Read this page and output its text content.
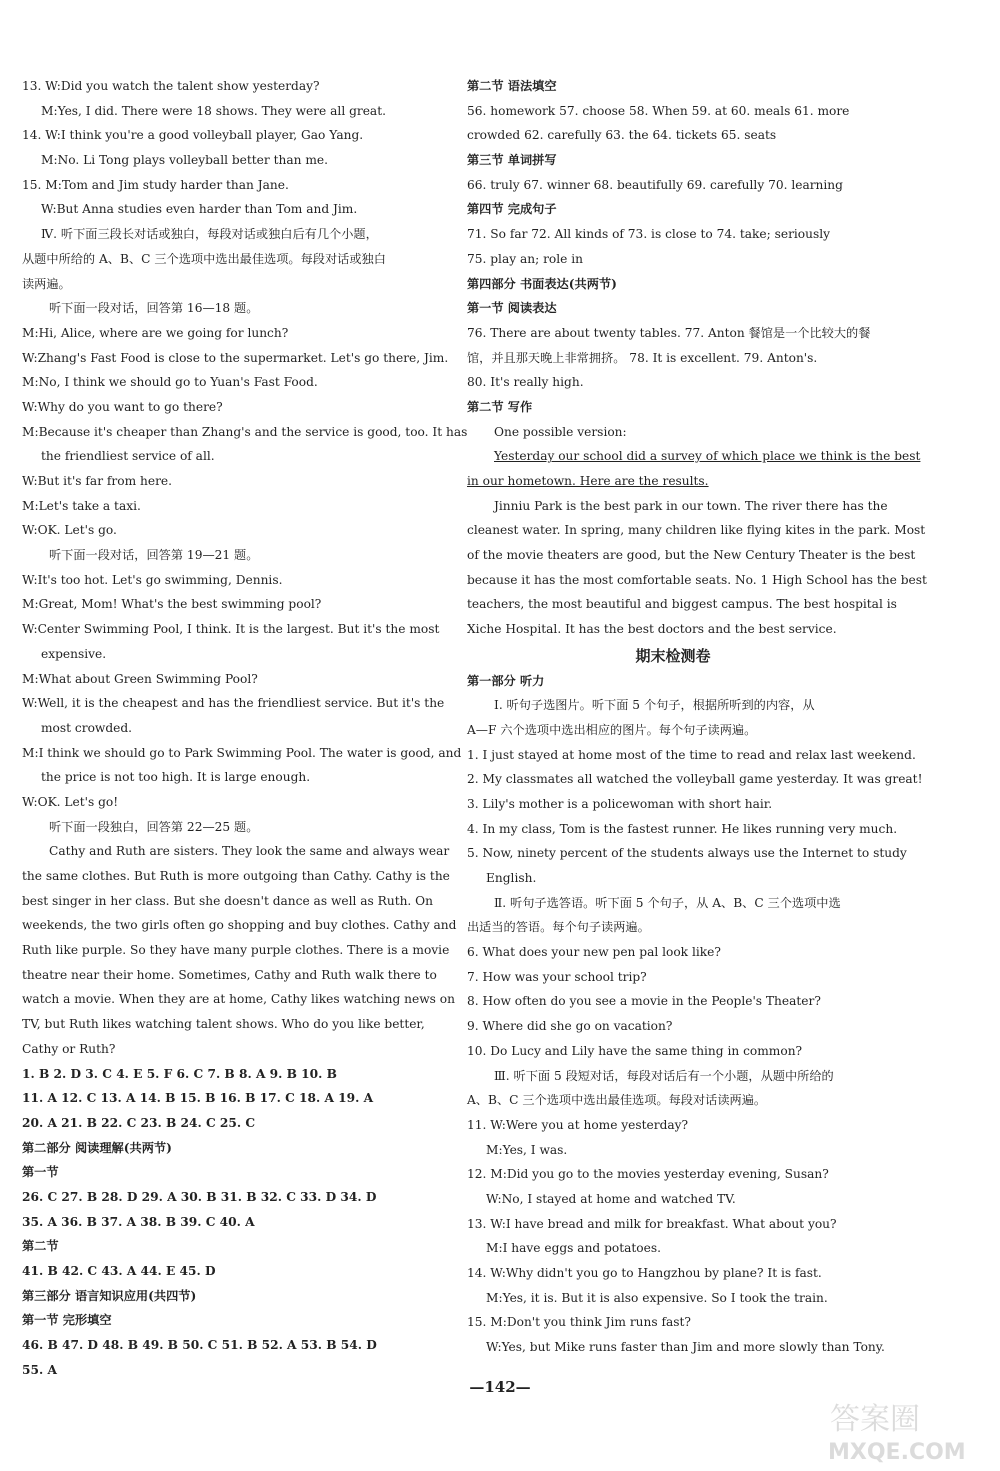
13. W:Did you watch the talent show yesterday?
M:Yes, I did. There were 18 shows. They were all great.
14. W:I think you're a good volleyball player, Gao Yang.
M:No. Li Tong plays volleyball better than me.
15. M:Tom and Jim study harder than Jane.
W:But Anna studies even harder than Tom and Jim.
Ⅳ. 听下面三段长对话或独白，每段对话或独白后有几个小题，
从题中所给的 A、B、C 三个选项中选出最佳选项。每段对话或独白
读两遍。
听下面一段对话，回答第 16—18 题。
M:Hi, Alice, where are we going for lunch?
W:Zhang's Fast Food is close to the supermarket. Let's go there, Jim.
M:No, I think we should go to Yuan's Fast Food.
W:Why do you want to go there?
M:Because it's cheaper than Zhang's and the service is good, too. It has
the friendliest service of all.
W:But it's far from here.
M:Let's take a taxi.
W:OK. Let's go.
听下面一段对话，回答第 19—21 题。
W:It's too hot. Let's go swimming, Dennis.
M:Great, Mom! What's the best swimming pool?
W:Center Swimming Pool, I think. It is the largest. But it's the most
expensive.
M:What about Green Swimming Pool?
W:Well, it is the cheapest and has the friendliest service. But it's the
most crowded.
M:I think we should go to Park Swimming Pool. The water is good, and
the price is not too high. It is large enough.
W:OK. Let's go!
听下面一段独白，回答第 22—25 题。
Cathy and Ruth are sisters. They look the same and always wear
the same clothes. But Ruth is more outgoing than Cathy. Cathy is the
best singer in her class. But she doesn't dance as well as Ruth. On
weekends, the two girls often go shopping and buy clothes. Cathy and
Ruth like purple. So they have many purple clothes. There is a movie
theatre near their home. Sometimes, Cathy and Ruth walk there to
watch a movie. When they are at home, Cathy likes watching news on
TV, but Ruth likes watching talent shows. Who do you like better,
Cathy or Ruth?
1. B 2. D 3. C 4. E 5. F 6. C 7. B 8. A 9. B 10. B
11. A 12. C 13. A 14. B 15. B 16. B 17. C 18. A 19. A
20. A 21. B 22. C 23. B 24. C 25. C
第二部分 阅读理解(共两节)
第一节
26. C 27. B 28. D 29. A 30. B 31. B 32. C 33. D 34. D
35. A 36. B 37. A 38. B 39. C 40. A
第二节
41. B 42. C 43. A 44. E 45. D
第三部分 语言知识应用(共四节)
第一节 完形填空
46. B 47. D 48. B 49. B 50. C 51. B 52. A 53. B 54. D
55. A
第二节 语法填空
56. homework 57. choose 58. When 59. at 60. meals 61. more
crowded 62. carefully 63. the 64. tickets 65. seats
第三节 单词拼写
66. truly 67. winner 68. beautifully 69. carefully 70. learning
第四节 完成句子
71. So far 72. All kinds of 73. is close to 74. take; seriously
75. play an; role in
第四部分 书面表达(共两节)
第一节 阅读表达
76. There are about twenty tables. 77. Anton 餐馆是一个比较大的餐
馆，并且那天晚上非常拥挤。 78. It is excellent. 79. Anton's.
80. It's really high.
第二节 写作
One possible version:
Yesterday our school did a survey of which place we think is the best
in our hometown. Here are the results.
Jinniu Park is the best park in our town. The river there has the
cleanest water. In spring, many children like flying kites in the park. Most
of the movie theaters are good, but the New Century Theater is the best
because it has the most comfortable seats. No. 1 High School has the best
teachers, the most beautiful and biggest campus. The best hospital is
Xiche Hospital. It has the best doctors and the best service.
期末检测卷
第一部分 听力
Ⅰ. 听句子选图片。听下面 5 个句子，根据所听到的内容，从
A—F 六个选项中选出相应的图片。每个句子读两遍。
1. I just stayed at home most of the time to read and relax last weekend.
2. My classmates all watched the volleyball game yesterday. It was great!
3. Lily's mother is a policewoman with short hair.
4. In my class, Tom is the fastest runner. He likes running very much.
5. Now, ninety percent of the students always use the Internet to study
English.
Ⅱ. 听句子选答语。听下面 5 个句子，从 A、B、C 三个选项中选
出适当的答语。每个句子读两遍。
6. What does your new pen pal look like?
7. How was your school trip?
8. How often do you see a movie in the People's Theater?
9. Where did she go on vacation?
10. Do Lucy and Lily have the same thing in common?
Ⅲ. 听下面 5 段短对话，每段对话后有一个小题，从题中所给的
A、B、C 三个选项中选出最佳选项。每段对话读两遍。
11. W:Were you at home yesterday?
M:Yes, I was.
12. M:Did you go to the movies yesterday evening, Susan?
W:No, I stayed at home and watched TV.
13. W:I have bread and milk for breakfast. What about you?
M:I have eggs and potatoes.
14. W:Why didn't you go to Hangzhou by plane? It is fast.
M:Yes, it is. But it is also expensive. So I took the train.
15. M:Don't you think Jim runs fast?
W:Yes, but Mike runs faster than Jim and more slowly than Tony.
—142—
答案圈
MXQE.COM
